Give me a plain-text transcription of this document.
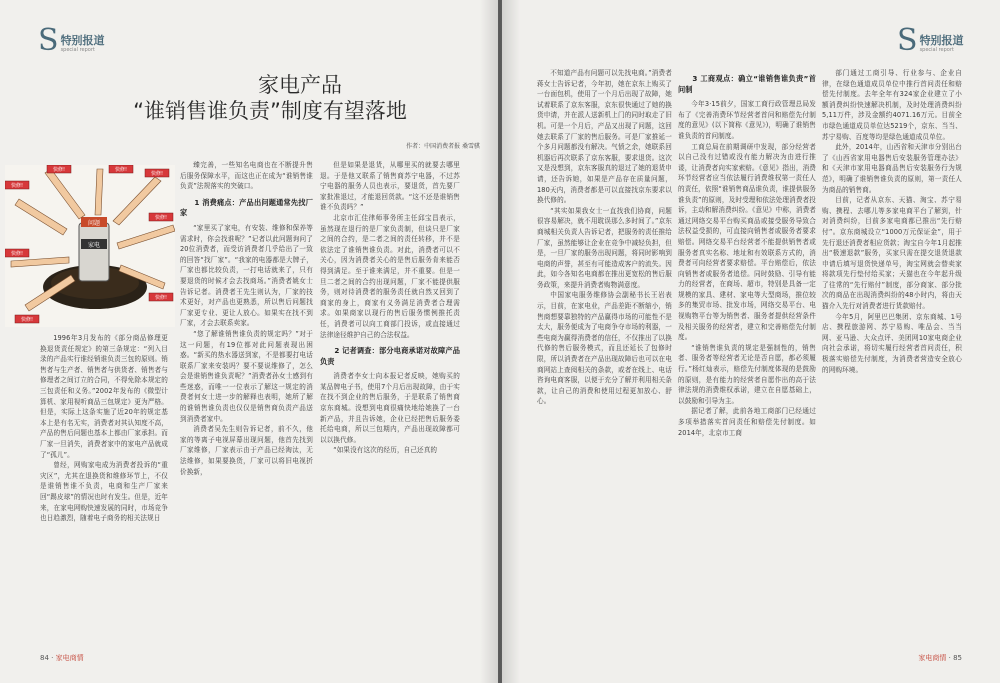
S 特别报道
special report
家电产品
“谁销售谁负责”制度有望落地
作者：中国消费者报 桑雪骐
问题
家电
快修!
快修!	快修!
快修!
快修!
快修!
快修!
快修!

1996年3月发布的《部分商品修理更换退货责任规定》的第三条规定：“列入目录的产品实行谁经销谁负责三包的原则。销售者与生产者、销售者与供货者、销售者与修理者之间订立的合同，不得免除本规定的三包责任和义务。”2002年发布的《微型计算机、家用视听商品三包规定》更为严格。但是，实际上这条实施了近20年的规定基本上是有名无实，消费者对其认知度不高，产品的售后问题也基本上都由厂家承担。而厂家一旦消失，消费者家中的家电产品就成了“孤儿”。

曾经，网购家电成为消费者投诉的“重灾区”，尤其在退换货和维修环节上，不仅是谁销售谁不负责，电商和生产厂家来回“踢皮球”的情况也时有发生。但是，近年来，在家电网购快速发展的同时，市场竞争也日趋激烈，随着电子商务的相关法规日

臻完善，一些知名电商也在不断提升售后服务保障水平，而这也正在成为“谁销售谁负责”法规落实的突破口。

1 消费痛点：产品出问题通常先找厂家

“家里买了家电，有安装、维修和保养等需求时，你会找谁呢？”记者以此问题询问了20位消费者，而受访消费者几乎给出了一致的回答“找厂家”。“我家的电器都是大牌子，厂家也都比较负责，一打电话就来了，只有要退货的时候才会去找商场。”消费者姚女士告诉记者。消费者王先生则认为，厂家的技术更好，对产品也更熟悉，所以售后问题找厂家更专业、更让人放心。如果实在找不到厂家，才会去联系卖家。

“您了解谁销售谁负责的规定吗？”对于这一问题，有19位都对此问题表现出困惑。“新买的热水器送到家，不是都要打电话联系厂家来安装吗？要不要说维修了，怎么会是谁销售谁负责呢？”消费者孙女士感到有些迷惑，而唯一一位表示了解这一规定的消费者何女士进一步的解释也表明，她所了解的谁销售谁负责也仅仅是销售商负责产品送到消费者家中。

消费者吴先生则告诉记者，前不久，他家的等离子电视屏幕出现问题，他首先找到厂家维修，厂家表示由于产品已经淘汰，无法维修，如果要换货，厂家可以将旧电视折价换新，

但是如果是退货，从哪里买的就要去哪里退。于是他又联系了销售商苏宁电器，不过苏宁电器的服务人员也表示，要退货，首先要厂家批准退过，才能退回货款。“这不还是谁销售谁不负责吗？”

北京市汇佳律师事务所主任邱宝昌表示，虽然现在退行的是厂家负责制，但谈只是厂家之间的合约，是二者之间的责任转移，并不是依法定了谁销售谁负责。对此，消费者可以不关心，因为消费者关心的是售后服务肯来能否得到满足。至于谁来满足，并不重要。但是一旦二者之间的合约出现问题，厂家不能提供服务，则对待消费者的服务责任就自然又回到了商家的身上，商家有义务满足消费者合理需求。如果商家以现行的售后服务惯例推托责任，消费者可以向工商部门投诉，或直接通过法律途径维护自己的合法权益。

2 记者调查：部分电商承诺对故障产品负责

消费者李女士向本报记者反映，她购买的某品牌电子书，使用7个月后出现故障，由于实在找不到企业的售后服务，于是联系了销售商京东商城。没想到电商很痛快地给她换了一台新产品，并且告诉她，企业已经把售后服务委托给电商，所以三包期内，产品出现故障都可以以换代修。

“如果没有这次的经历，自己还真的

84 · 家电商情
S 特别报道
special report

不知道产品有问题可以先找电商。”消费者蒋女士告诉记者，今年初，她在京东上购买了一台面包机，使用了一个月后出现了故障，她试着联系了京东客服，京东很快通过了她的换货申请，并在派人送新机上门的同时取走了旧机。可是一个月后，产品又出现了问题，这回她去联系了厂家的售后服务。可是厂家推延一个多月问题都没有解决。气愤之余，她联系回机器后再次联系了京东客服，要求退货。这次又是没想到，京东客服真的退过了她的退货申请，还告诉她，如果是产品存在质量问题，180天内，消费者都是可以直接找京东要求以换代修的。

“其实如果我女士一直找我们协商，问题很容易解决，就不用耽误那么多时间了。”京东商城相关负责人告诉记者，把服务的责任推给厂家，虽然能够让企业在竞争中减轻负担，但是，一旦厂家的服务出现问题，将同时影响到电商的声誉，甚至有可能造成客户的流失。因此，如今各知名电商都在推出更宽松的售后服务政策，来提升消费者购物满意度。

中国家电服务维修协会副秘书长王岩表示，目前，在家电业，产品差距不断缩小，销售商想要靠独特的产品赢得市场的可能性不是太大，服务便成为了电商争夺市场的利器，一些电商为赢得消费者的信任，不仅推出了以换代修的售后服务模式，而且还延长了包修时限，所以消费者在产品出现故障后也可以在电商网站上查阅相关的条款，或者在线上、电话咨询电商客服，以便于充分了解并利用相关条款，让自己的消费和使用过程更加放心、舒心。

3 工商观点：确立“谁销售谁负责”首问制

今年3·15前夕，国家工商行政管理总局发布了《完善消费环节经营者首问和赔偿先付制度的意见》(以下简称《意见》)，明确了谁销售谁负责的首问制度。

工商总局在前期调研中发现，部分经营者以自己没有过错或没有能力解决为由进行推诿，让消费者向实家索赔。《意见》指出，消费环节经营者应当依法履行消费维权第一责任人的责任，依照“谁销售商品谁负责，谁提供服务谁负责”的原则，及时受理和依法处理消费者投诉，主动和解消费纠纷。《意见》中称，消费者通过网络交易平台购买商品或接受服务导致合法权益受损的，可直接向销售者或服务者要求赔偿。网络交易平台经营者不能提供销售者或服务者真实名称、地址和有效联系方式的，消费者可向经营者要求赔偿。平台赔偿后，依法向销售者或服务者追偿。同时鼓励、引导有能力的经营者，在商场、超市，特别是具备一定规模的家具、建材、家电等大型商场，推位较多的集贸市场、批发市场，网络交易平台、电视购物平台等为销售者、服务者提供经营条件及相关服务的经营者，建立和完善赔偿先付制度。

“谁销售谁负责的规定是强制性的，销售者、服务者等经营者无论是否自愿，都必须履行。”杨红灿表示，赔偿先付制度体现的是鼓励的原则，是有能力的经营者自愿作出的高于法律法规的消费维权承诺，建立在自愿基础上，以鼓励和引导为主。

据记者了解，此前各地工商部门已经通过多项举措落实首问责任和赔偿先付制度。如2014年，北京市工商

部门通过工商引导、行业参与、企业自律，在绿色通道成员单位中推行首问责任和赔偿先付制度。去年全年有324家企业建立了小额消费纠纷快速解决机制，及时处理消费纠纷5,11万件，涉及金额约4071.16万元。目前全市绿色通道成员单位达5219个，京东、当当、苏宁易购、百度等均是绿色通道成员单位。

此外，2014年，山西省和天津市分别出台了《山西省家用电器售后安装服务管理办法》和《天津市家用电器商品售后安装服务行为规范》，明确了谁销售谁负责的原则，第一责任人为商品的销售商。

目前，记者从京东、天猫、淘宝、苏宁易购、携程、去哪儿等多家电商平台了解到，针对消费纠纷，目前多家电商都已推出“先行赔付”。京东商城设立“1000万元保证金”，用于先行退还消费者相应货款；淘宝自今年1月起推出“极速退款”服务，买家只需在提交退货退款申请后填写退货快递单号，淘宝网就会替卖家将款项先行垫付给买家；天猫也在今年起升级了往常的“先行赔付”制度，部分商家、部分批次的商品在出现消费纠纷的48小时内，将由天猫介入先行对消费者进行货款赔付。

今年5月，阿里巴巴集团、京东商城、1号店、携程旅游网、苏宁易购、唯品会、当当网、亚马逊、大众点评、美团网10家电商企业向社会承诺，将切实履行经营者首问责任，积极落实赔偿先付制度，为消费者营造安全放心的网购环境。

家电商情 · 85
